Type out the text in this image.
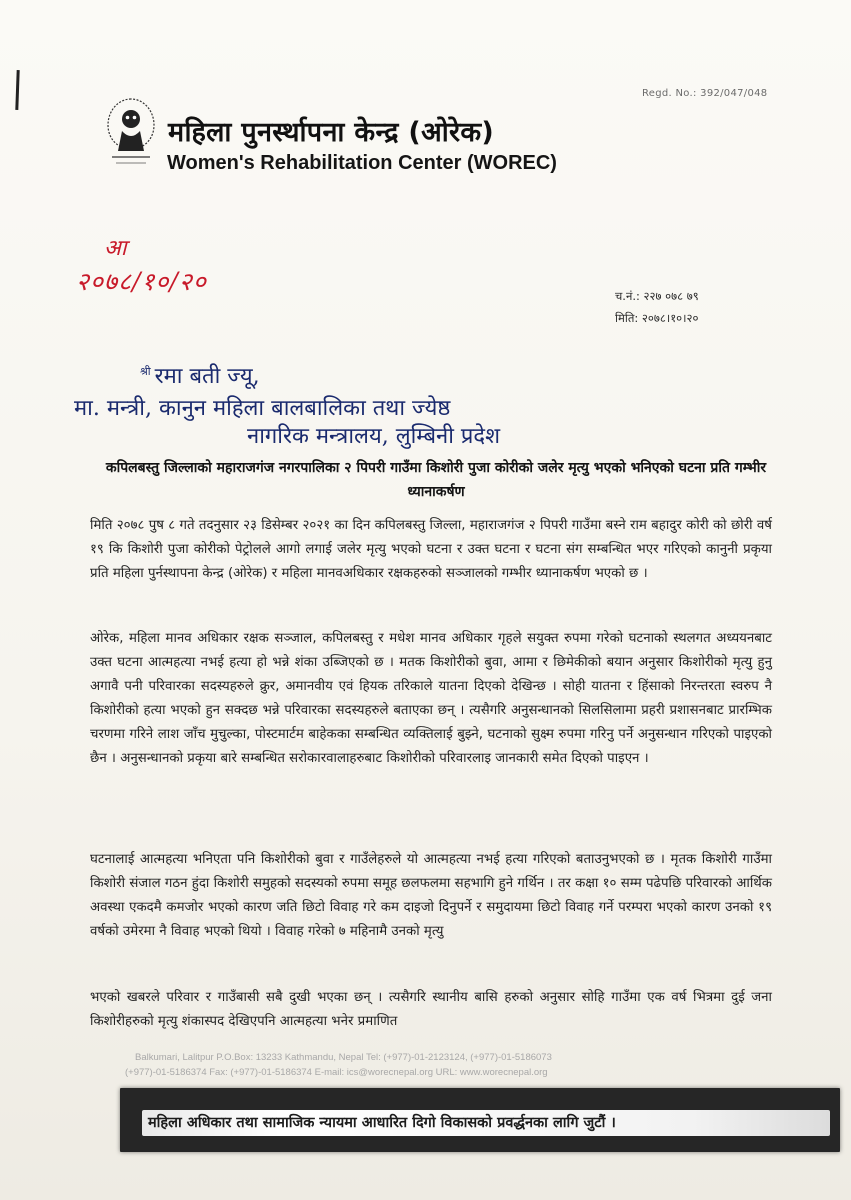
Regd. No.: 392/047/048
महिला पुनर्स्थापना केन्द्र (ओरेक)
Women's Rehabilitation Center (WOREC)
आ
२०७८/१०/२०	च.नं.: २२७ ०७८ ७९
मिति: २०७८।१०।२०
$^{श्री}$ रमा बती ज्यू,
मा. मन्त्री, कानुन महिला बालबालिका तथा ज्येष्ठ
नागरिक मन्त्रालय, लुम्बिनी प्रदेश
कपिलबस्तु जिल्लाको महाराजगंज नगरपालिका २ पिपरी गाउँमा किशोरी पुजा कोरीको जलेर मृत्यु भएको भनिएको घटना प्रति गम्भीर ध्यानाकर्षण
मिति २०७८ पुष ८ गते तदनुसार २३ डिसेम्बर २०२१ का दिन कपिलबस्तु जिल्ला, महाराजगंज २ पिपरी गाउँमा बस्ने राम बहादुर कोरी को छोरी वर्ष १९ कि किशोरी पुजा कोरीको पेट्रोलले आगो लगाई जलेर मृत्यु भएको घटना र उक्त घटना र घटना संग सम्बन्धित भएर गरिएको कानुनी प्रकृया प्रति महिला पुर्नस्थापना केन्द्र (ओरेक) र महिला मानवअधिकार रक्षकहरुको सञ्जालको गम्भीर ध्यानाकर्षण भएको छ ।
ओरेक, महिला मानव अधिकार रक्षक सञ्जाल, कपिलबस्तु र मधेश मानव अधिकार गृहले सयुक्त रुपमा गरेको घटनाको स्थलगत अध्ययनबाट उक्त घटना आत्महत्या नभई हत्या हो भन्ने शंका उब्जिएको छ । मतक किशोरीको बुवा, आमा र छिमेकीको बयान अनुसार किशोरीको मृत्यु हुनु अगावै पनी परिवारका सदस्यहरुले क्रुर, अमानवीय एवं हियक तरिकाले यातना दिएको देखिन्छ । सोही यातना र हिंसाको निरन्तरता स्वरुप नै किशोरीको हत्या भएको हुन सक्दछ भन्ने परिवारका सदस्यहरुले बताएका छन् । त्यसैगरि अनुसन्धानको सिलसिलामा प्रहरी प्रशासनबाट प्रारम्भिक चरणमा गरिने लाश जाँच मुचुल्का, पोस्टमार्टम बाहेकका सम्बन्धित व्यक्तिलाई बुझ्ने, घटनाको सुक्ष्म रुपमा गरिनु पर्ने अनुसन्धान गरिएको पाइएको छैन । अनुसन्धानको प्रकृया बारे सम्बन्धित सरोकारवालाहरुबाट किशोरीको परिवारलाइ जानकारी समेत दिएको पाइएन ।
घटनालाई आत्महत्या भनिएता पनि किशोरीको बुवा र गाउँलेहरुले यो आत्महत्या नभई हत्या गरिएको बताउनुभएको छ । मृतक किशोरी गाउँमा किशोरी संजाल गठन हुंदा किशोरी समुहको सदस्यको रुपमा समूह छलफलमा सहभागि हुने गर्थिन । तर कक्षा १० सम्म पढेपछि परिवारको आर्थिक अवस्था एकदमै कमजोर भएको कारण जति छिटो विवाह गरे कम दाइजो दिनुपर्ने र समुदायमा छिटो विवाह गर्ने परम्परा भएको कारण उनको १९ वर्षको उमेरमा नै विवाह भएको थियो । विवाह गरेको ७ महिनामै उनको मृत्यु
भएको खबरले परिवार र गाउँबासी सबै दुखी भएका छन् । त्यसैगरि स्थानीय बासि हरुको अनुसार सोहि गाउँमा एक वर्ष भित्रमा दुई जना किशोरीहरुको मृत्यु शंकास्पद देखिएपनि आत्महत्या भनेर प्रमाणित
Balkumari, Lalitpur P.O.Box: 13233 Kathmandu, Nepal Tel: (+977)-01-2123124, (+977)-01-5186073
(+977)-01-5186374 Fax: (+977)-01-5186374 E-mail: ics@worecnepal.org URL: www.worecnepal.org
महिला अधिकार तथा सामाजिक न्यायमा आधारित दिगो विकासको प्रवर्द्धनका लागि जुटौं ।
